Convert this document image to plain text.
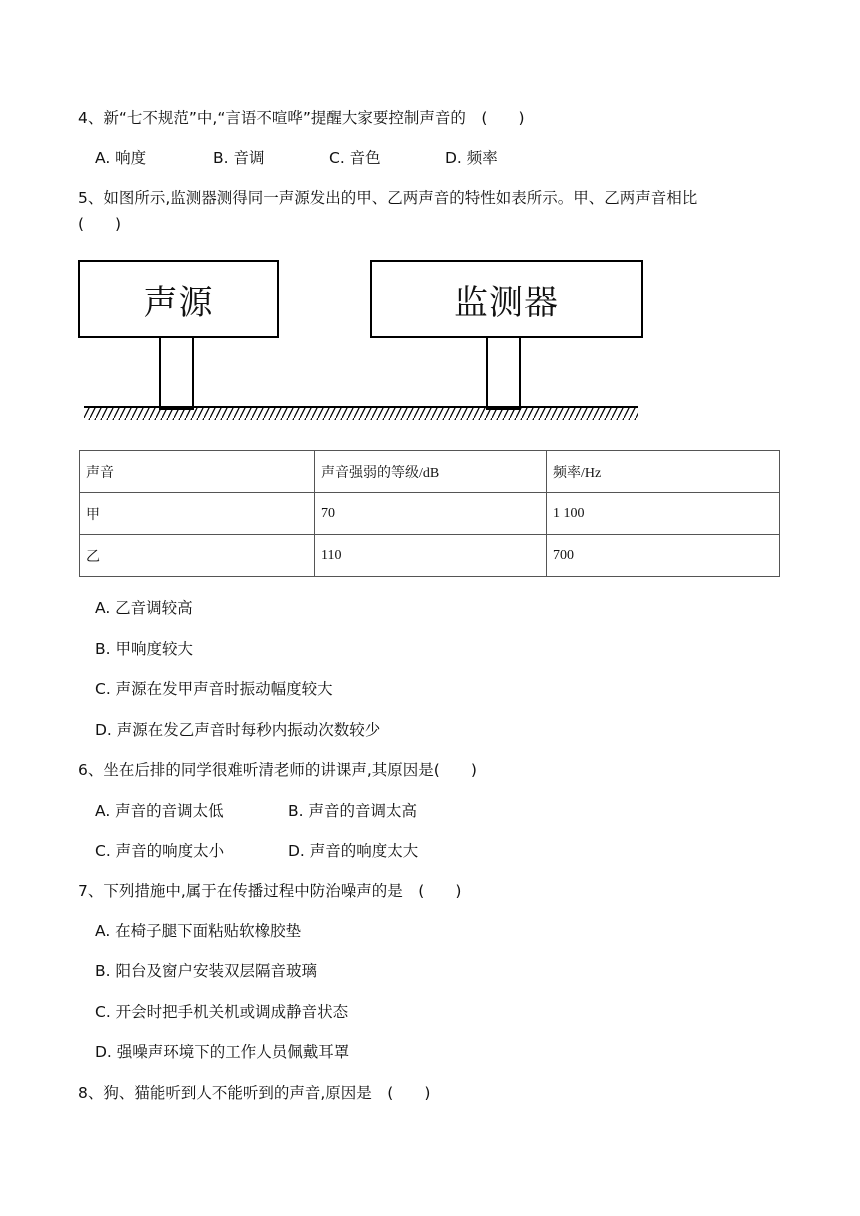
4、新“七不规范”中,“言语不喧哗”提醒大家要控制声音的　(　　)
A. 响度	B. 音调	C. 音色	D. 频率
5、如图所示,监测器测得同一声源发出的甲、乙两声音的特性如表所示。甲、乙两声音相比
(　　)
声源	监测器
声音	声音强弱的等级/dB	频率/Hz
甲	70	1 100
乙	110	700
A. 乙音调较高
B. 甲响度较大
C. 声源在发甲声音时振动幅度较大
D. 声源在发乙声音时每秒内振动次数较少
6、坐在后排的同学很难听清老师的讲课声,其原因是(　　)
A. 声音的音调太低	B. 声音的音调太高
C. 声音的响度太小	D. 声音的响度太大
7、下列措施中,属于在传播过程中防治噪声的是　(　　)
A. 在椅子腿下面粘贴软橡胶垫
B. 阳台及窗户安装双层隔音玻璃
C. 开会时把手机关机或调成静音状态
D. 强噪声环境下的工作人员佩戴耳罩
8、狗、猫能听到人不能听到的声音,原因是　(　　)
